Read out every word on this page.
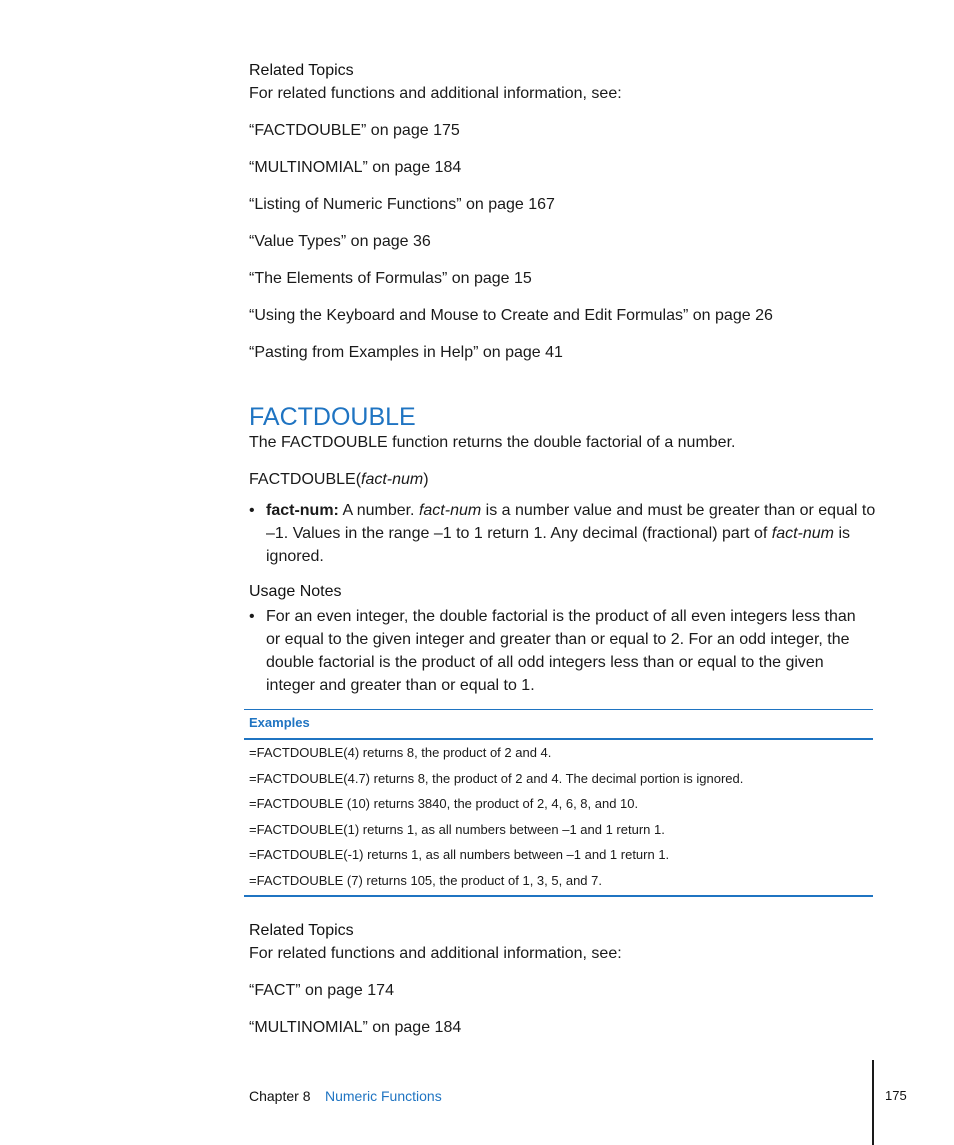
Related Topics
For related functions and additional information, see:
“FACTDOUBLE” on page 175
“MULTINOMIAL” on page 184
“Listing of Numeric Functions” on page 167
“Value Types” on page 36
“The Elements of Formulas” on page 15
“Using the Keyboard and Mouse to Create and Edit Formulas” on page 26
“Pasting from Examples in Help” on page 41
FACTDOUBLE
The FACTDOUBLE function returns the double factorial of a number.
FACTDOUBLE(fact-num)
• fact-num: A number. fact-num is a number value and must be greater than or equal to –1. Values in the range –1 to 1 return 1. Any decimal (fractional) part of fact-num is ignored.
Usage Notes
• For an even integer, the double factorial is the product of all even integers less than or equal to the given integer and greater than or equal to 2. For an odd integer, the double factorial is the product of all odd integers less than or equal to the given integer and greater than or equal to 1.
Examples
=FACTDOUBLE(4) returns 8, the product of 2 and 4.
=FACTDOUBLE(4.7) returns 8, the product of 2 and 4. The decimal portion is ignored.
=FACTDOUBLE (10) returns 3840, the product of 2, 4, 6, 8, and 10.
=FACTDOUBLE(1) returns 1, as all numbers between –1 and 1 return 1.
=FACTDOUBLE(-1) returns 1, as all numbers between –1 and 1 return 1.
=FACTDOUBLE (7) returns 105, the product of 1, 3, 5, and 7.
Related Topics
For related functions and additional information, see:
“FACT” on page 174
“MULTINOMIAL” on page 184
Chapter 8 Numeric Functions	175
